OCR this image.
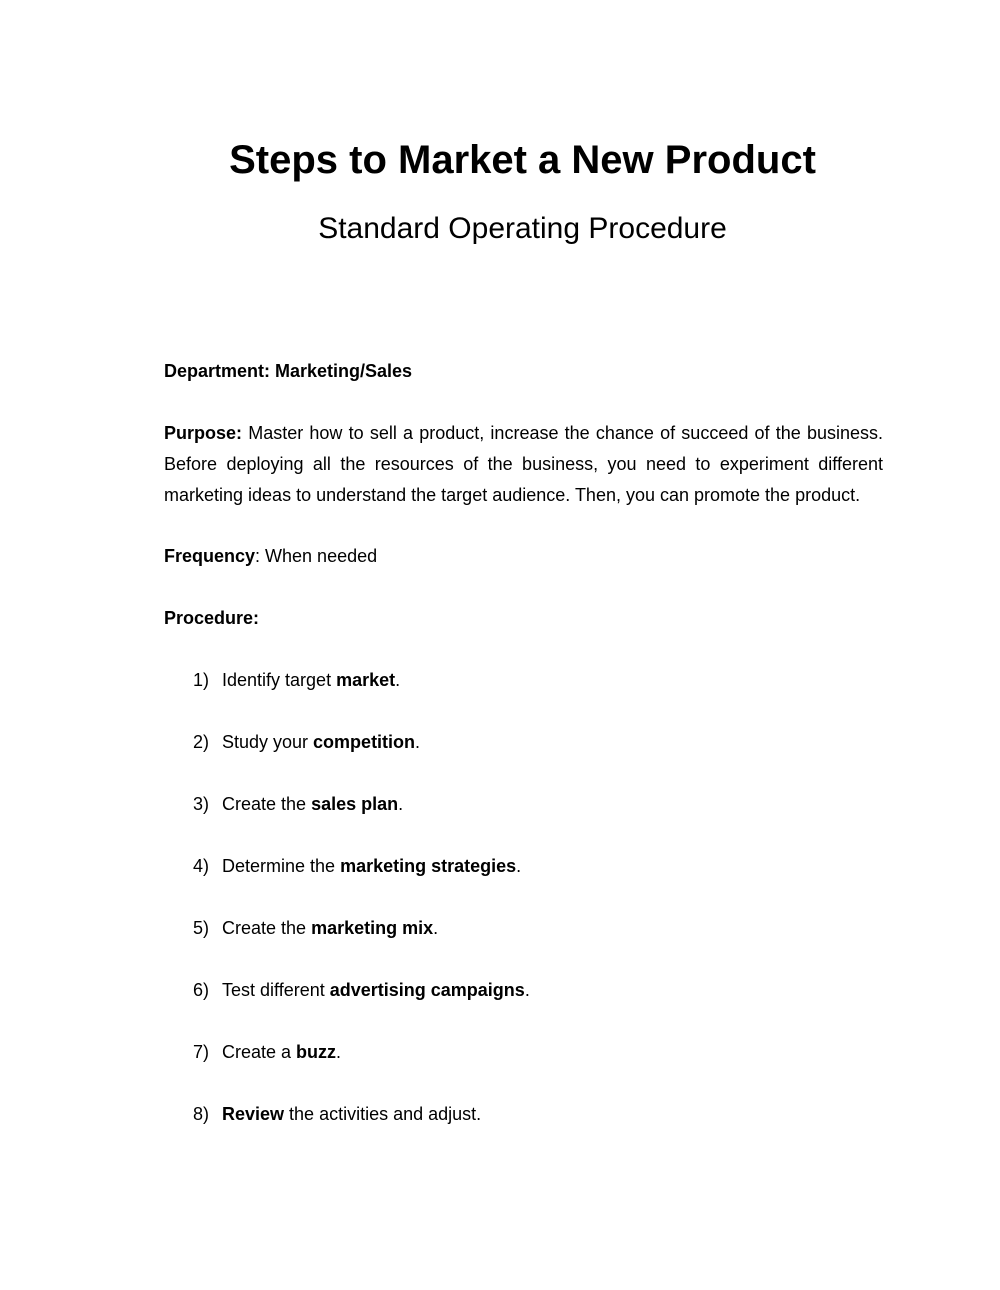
Steps to Market a New Product
Standard Operating Procedure
Department: Marketing/Sales
Purpose: Master how to sell a product, increase the chance of succeed of the business. Before deploying all the resources of the business, you need to experiment different marketing ideas to understand the target audience. Then, you can promote the product.
Frequency: When needed
Procedure:
1) Identify target market.
2) Study your competition.
3) Create the sales plan.
4) Determine the marketing strategies.
5) Create the marketing mix.
6) Test different advertising campaigns.
7) Create a buzz.
8) Review the activities and adjust.
